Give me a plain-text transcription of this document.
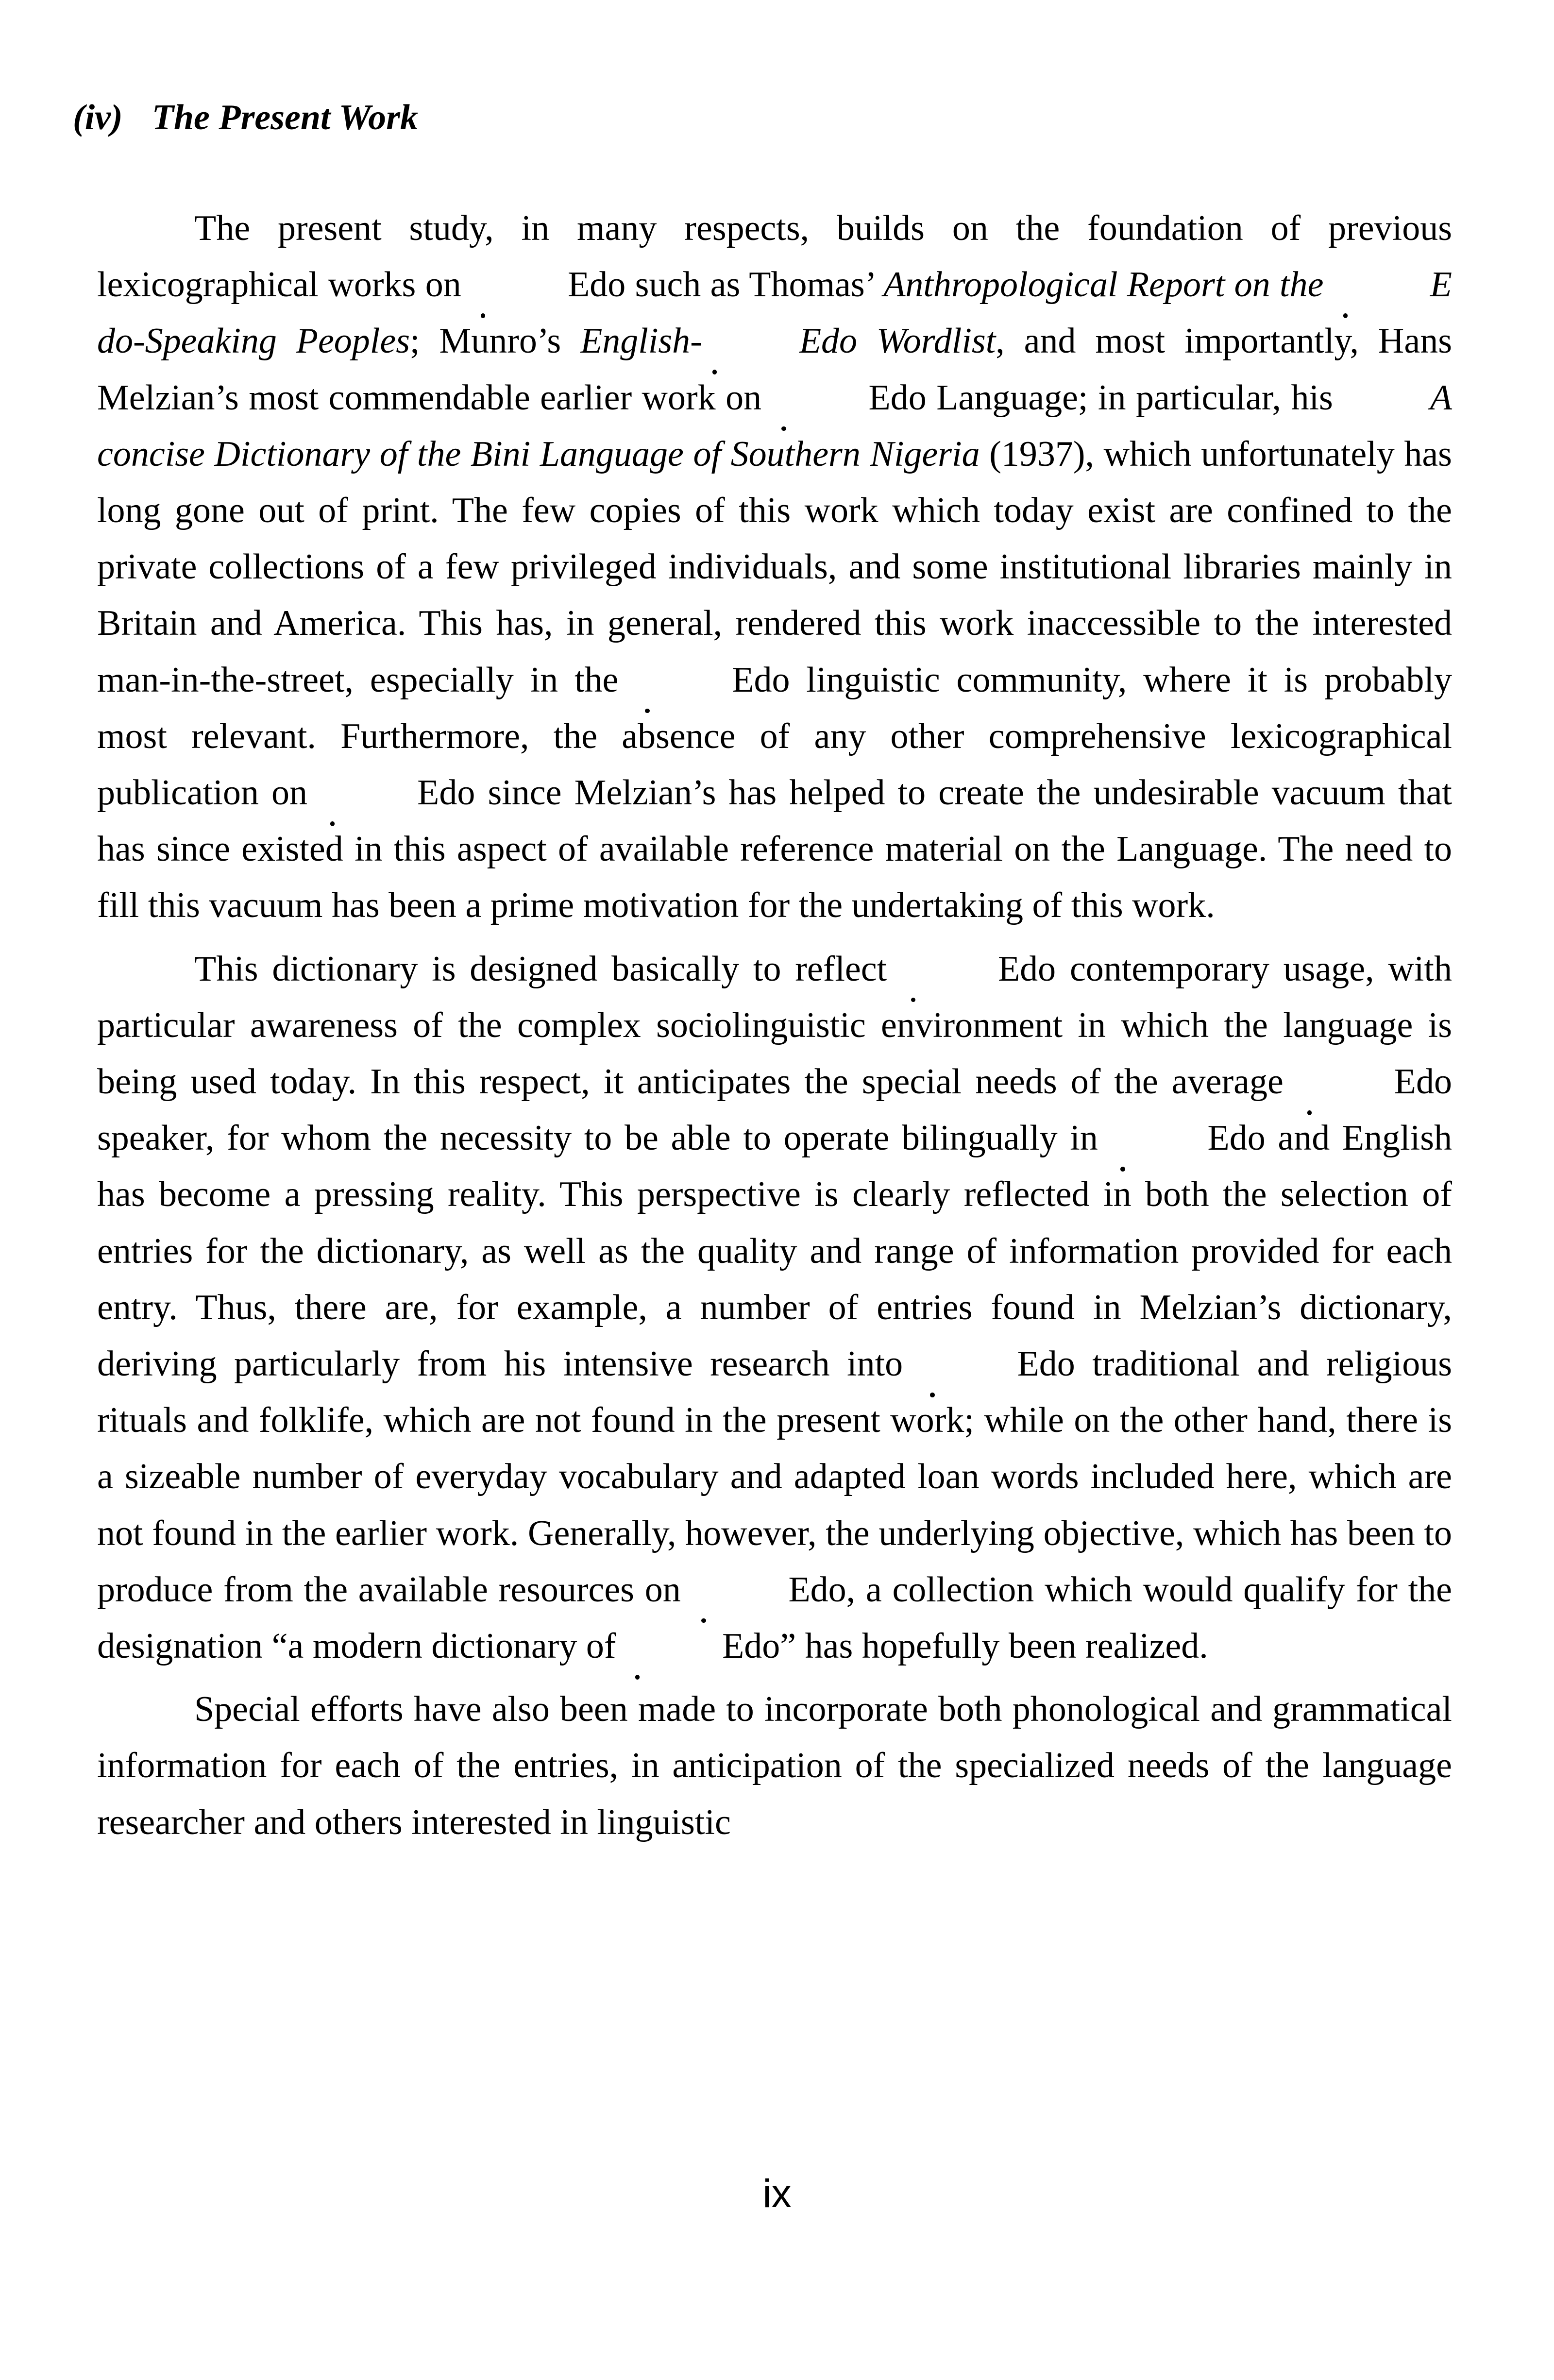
(iv) The Present Work

The present study, in many respects, builds on the foundation of previous lexicographical works on	Edo such as Thomas’ Anthropological Report on the	Edo-Speaking Peoples; Munro’s English-	Edo Wordlist, and most importantly, Hans Melzian’s most commendable earlier work on	Edo Language; in particular, his	A concise Dictionary of the Bini Language of Southern Nigeria (1937), which unfortunately has long gone out of print. The few copies of this work which today exist are confined to the private collections of a few privileged individuals, and some institutional libraries mainly in Britain and America. This has, in general, rendered this work inaccessible to the interested man-in-the-street, especially in the	Edo linguistic community, where it is probably most relevant. Furthermore, the absence of any other comprehensive lexicographical publication on	Edo since Melzian’s has helped to create the undesirable vacuum that has since existed in this aspect of available reference material on the Language. The need to fill this vacuum has been a prime motivation for the undertaking of this work.

This dictionary is designed basically to reflect	Edo contemporary usage, with particular awareness of the complex sociolinguistic environment in which the language is being used today. In this respect, it anticipates the special needs of the average	Edo speaker, for whom the necessity to be able to operate bilingually in	Edo and English has become a pressing reality. This perspective is clearly reflected in both the selection of entries for the dictionary, as well as the quality and range of information provided for each entry. Thus, there are, for example, a number of entries found in Melzian’s dictionary, deriving particularly from his intensive research into	Edo traditional and religious rituals and folklife, which are not found in the present work; while on the other hand, there is a sizeable number of everyday vocabulary and adapted loan words included here, which are not found in the earlier work. Generally, however, the underlying objective, which has been to produce from the available resources on	Edo, a collection which would qualify for the designation “a modern dictionary of	Edo” has hopefully been realized.

Special efforts have also been made to incorporate both phonological and grammatical information for each of the entries, in anticipation of the specialized needs of the language researcher and others interested in linguistic

ix
